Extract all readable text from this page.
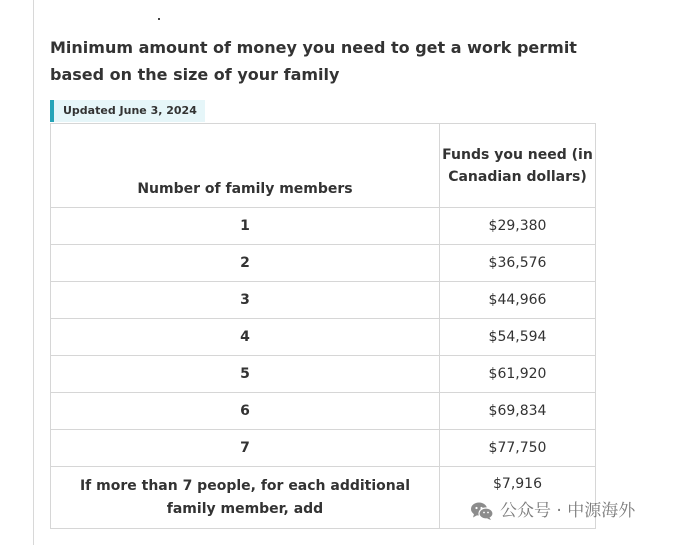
Minimum amount of money you need to get a work permit based on the size of your family
Updated June 3, 2024
Number of family members	Funds you need (in Canadian dollars)
1	$29,380
2	$36,576
3	$44,966
4	$54,594
5	$61,920
6	$69,834
7	$77,750
If more than 7 people, for each additional family member, add	$7,916
公众号 · 中源海外
